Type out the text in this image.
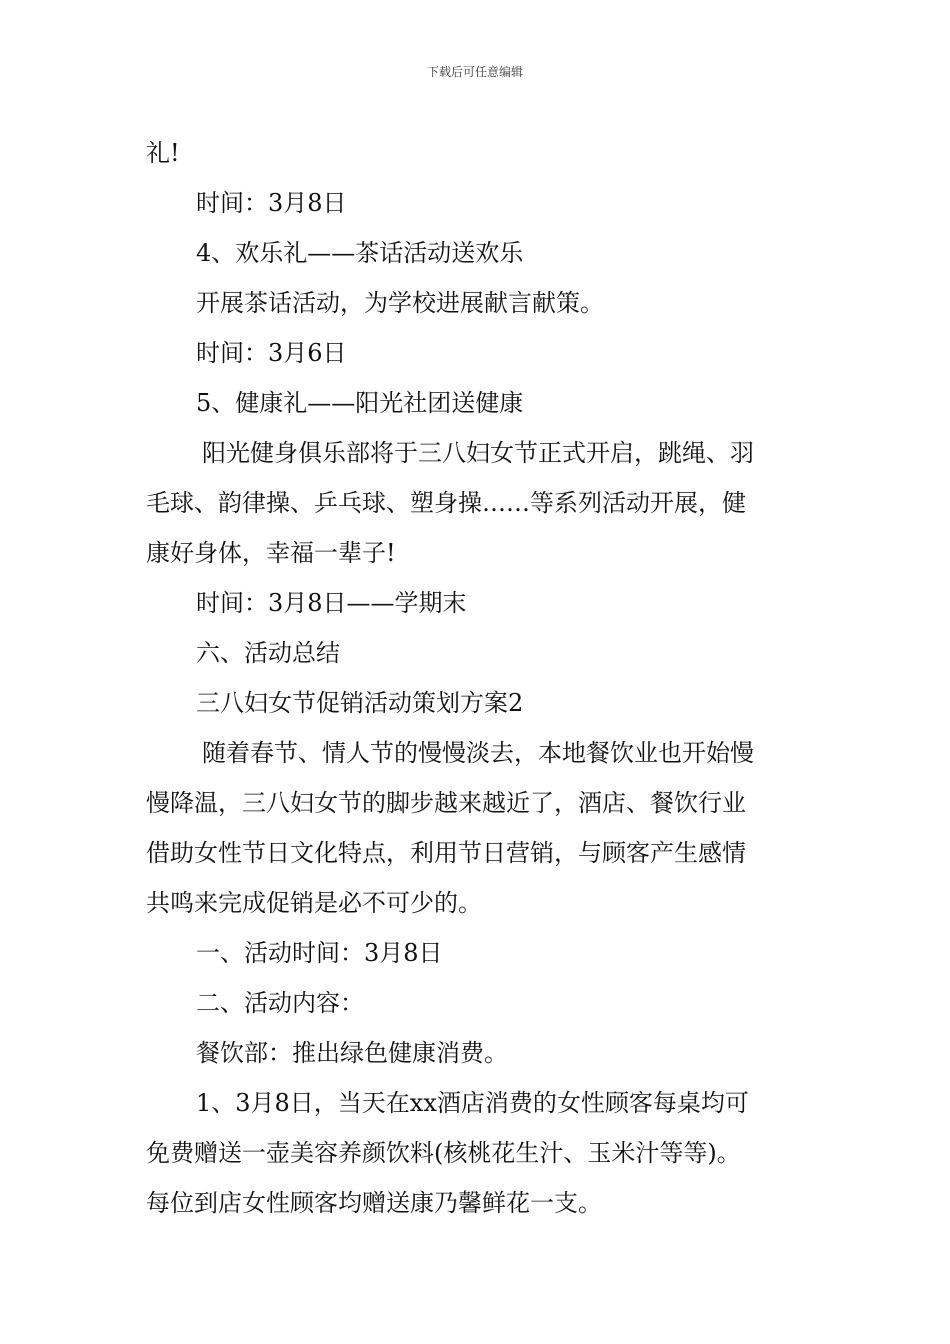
下载后可任意编辑
礼!
时间：3月8日
4、欢乐礼——茶话活动送欢乐
开展茶话活动，为学校进展献言献策。
时间：3月6日
5、健康礼——阳光社团送健康
阳光健身俱乐部将于三八妇女节正式开启，跳绳、羽
毛球、韵律操、乒乓球、塑身操……等系列活动开展，健
康好身体，幸福一辈子!
时间：3月8日——学期末
六、活动总结
三八妇女节促销活动策划方案2
随着春节、情人节的慢慢淡去，本地餐饮业也开始慢
慢降温，三八妇女节的脚步越来越近了，酒店、餐饮行业
借助女性节日文化特点，利用节日营销，与顾客产生感情
共鸣来完成促销是必不可少的。
一、活动时间：3月8日
二、活动内容：
餐饮部：推出绿色健康消费。
1、3月8日，当天在xx酒店消费的女性顾客每桌均可
免费赠送一壶美容养颜饮料(核桃花生汁、玉米汁等等)。
每位到店女性顾客均赠送康乃馨鲜花一支。
